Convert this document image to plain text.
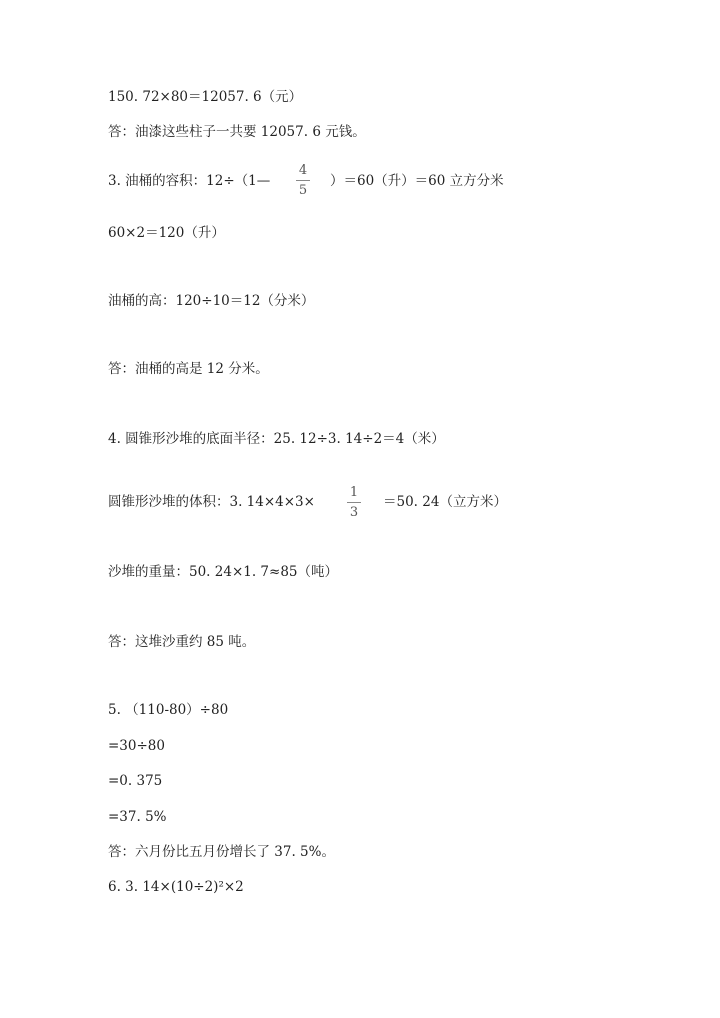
150. 72×80＝12057. 6（元）
答：油漆这些柱子一共要 12057. 6 元钱。
3. 油桶的容积：12÷（1—
4
5
）＝60（升）＝60 立方分米
60×2＝120（升）
油桶的高：120÷10＝12（分米）
答：油桶的高是 12 分米。
4. 圆锥形沙堆的底面半径：25. 12÷3. 14÷2＝4（米）
圆锥形沙堆的体积：3. 14×4×3×
1
3
＝50. 24（立方米）
沙堆的重量：50. 24×1. 7≈85（吨）
答：这堆沙重约 85 吨。
5. （110-80）÷80
=30÷80
=0. 375
=37. 5%
答：六月份比五月份增长了 37. 5%。
6. 3. 14×(10÷2)²×2
